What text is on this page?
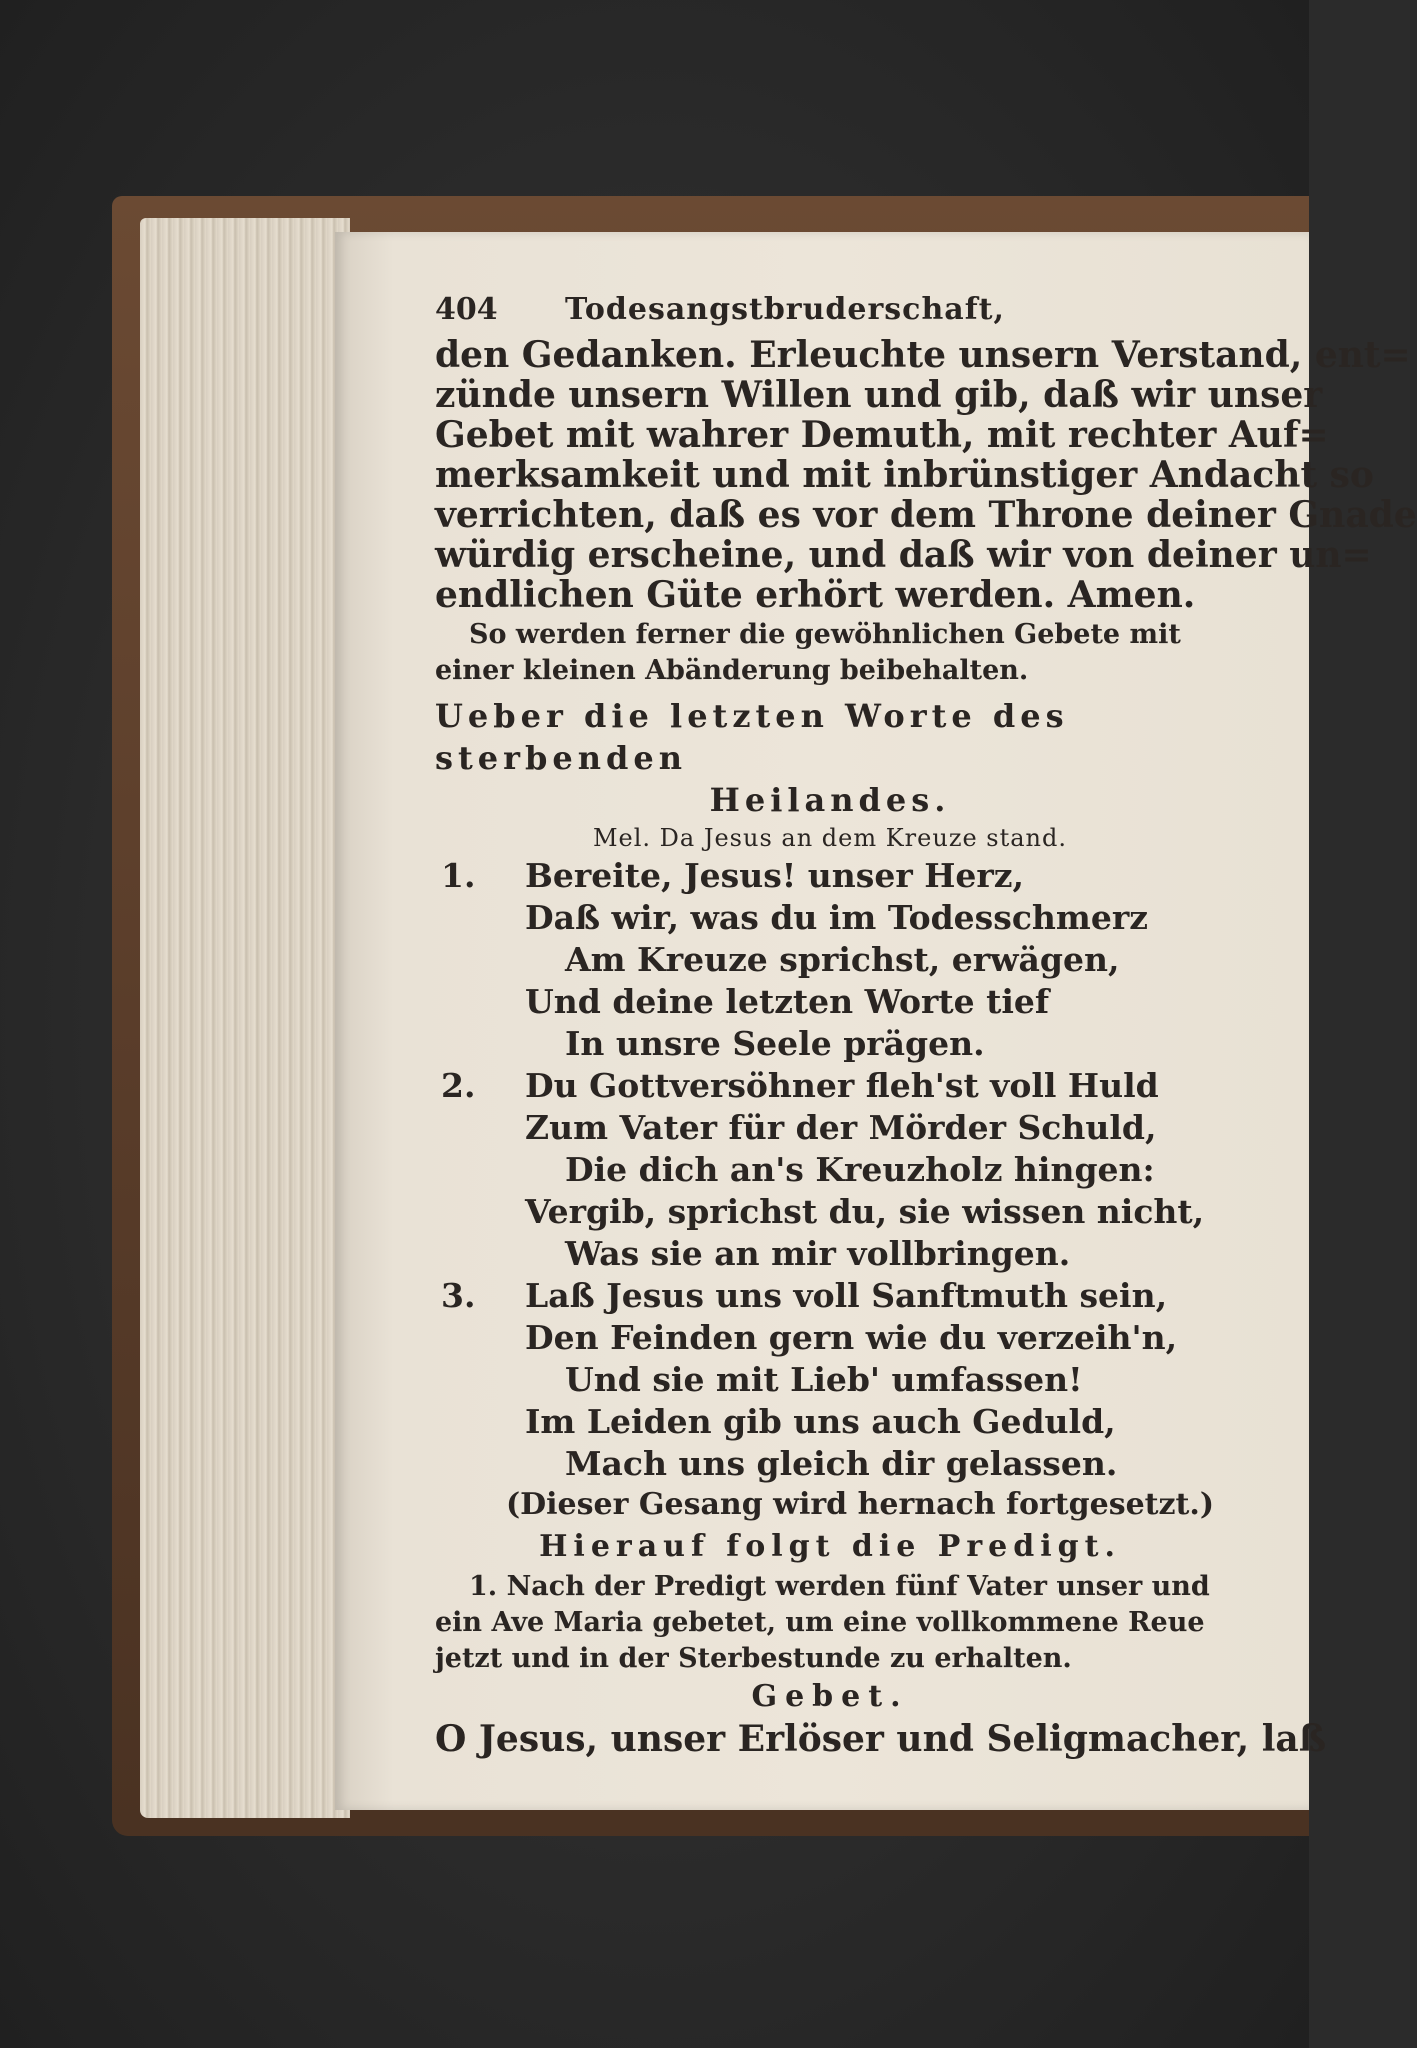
404	Todesangstbruderschaft,
den Gedanken. Erleuchte unsern Verstand, ent=
zünde unsern Willen und gib, daß wir unser
Gebet mit wahrer Demuth, mit rechter Auf=
merksamkeit und mit inbrünstiger Andacht so
verrichten, daß es vor dem Throne deiner Gnade
würdig erscheine, und daß wir von deiner un=
endlichen Güte erhört werden. Amen.
So werden ferner die gewöhnlichen Gebete mit
einer kleinen Abänderung beibehalten.
Ueber die letzten Worte des sterbenden
Heilandes.
Mel. Da Jesus an dem Kreuze stand.
1.	Bereite, Jesus! unser Herz,
Daß wir, was du im Todesschmerz
Am Kreuze sprichst, erwägen,
Und deine letzten Worte tief
In unsre Seele prägen.
2.	Du Gottversöhner fleh'st voll Huld
Zum Vater für der Mörder Schuld,
Die dich an's Kreuzholz hingen:
Vergib, sprichst du, sie wissen nicht,
Was sie an mir vollbringen.
3.	Laß Jesus uns voll Sanftmuth sein,
Den Feinden gern wie du verzeih'n,
Und sie mit Lieb' umfassen!
Im Leiden gib uns auch Geduld,
Mach uns gleich dir gelassen.
(Dieser Gesang wird hernach fortgesetzt.)
Hierauf folgt die Predigt.
1. Nach der Predigt werden fünf Vater unser und
ein Ave Maria gebetet, um eine vollkommene Reue
jetzt und in der Sterbestunde zu erhalten.
Gebet.
O Jesus, unser Erlöser und Seligmacher, laß
